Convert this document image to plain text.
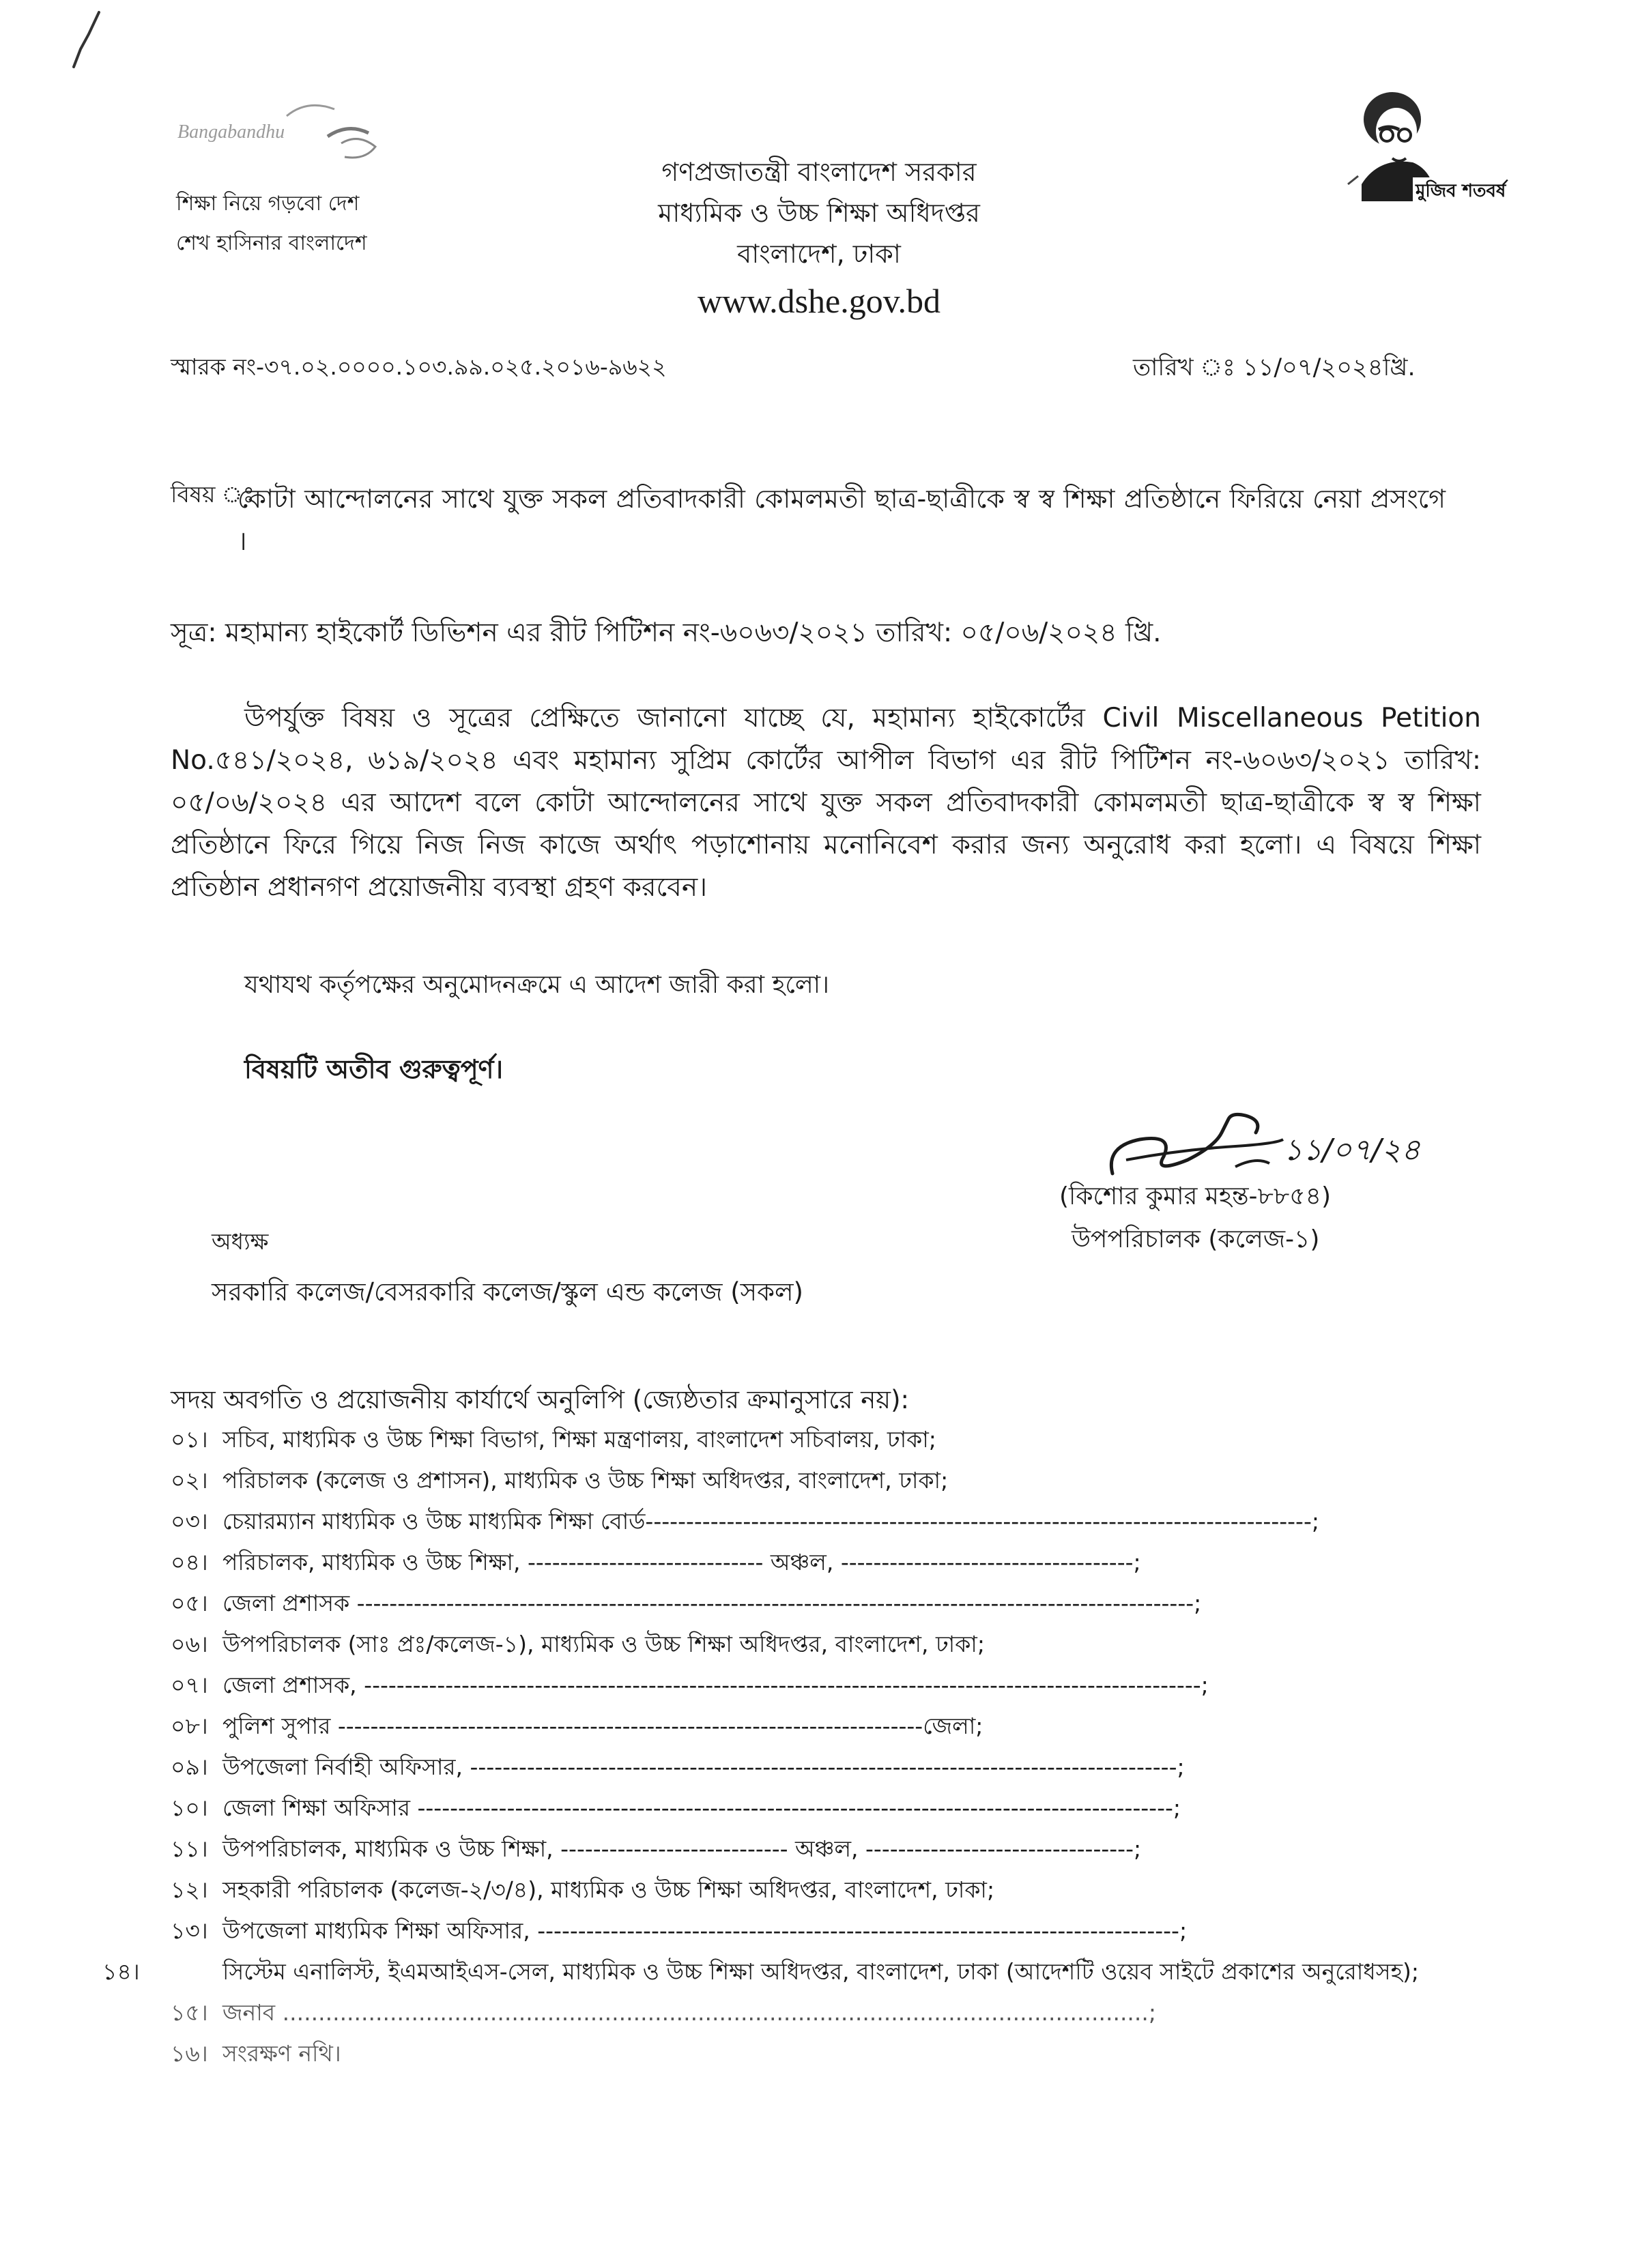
Bangabandhu
শিক্ষা নিয়ে গড়বো দেশ
শেখ হাসিনার বাংলাদেশ
গণপ্রজাতন্ত্রী বাংলাদেশ সরকার
মাধ্যমিক ও উচ্চ শিক্ষা অধিদপ্তর
বাংলাদেশ, ঢাকা
www.dshe.gov.bd
মুজিব শতবর্ষ
স্মারক নং-৩৭.০২.০০০০.১০৩.৯৯.০২৫.২০১৬-৯৬২২	তারিখ ঃ ১১/০৭/২০২৪খ্রি.
বিষয় ঃ
কোটা আন্দোলনের সাথে যুক্ত সকল প্রতিবাদকারী কোমলমতী ছাত্র-ছাত্রীকে স্ব স্ব শিক্ষা প্রতিষ্ঠানে ফিরিয়ে নেয়া প্রসংগে ।
সূত্র: মহামান্য হাইকোর্ট ডিভিশন এর রীট পিটিশন নং-৬০৬৩/২০২১ তারিখ: ০৫/০৬/২০২৪ খ্রি.
উপর্যুক্ত বিষয় ও সূত্রের প্রেক্ষিতে জানানো যাচ্ছে যে, মহামান্য হাইকোর্টের Civil Miscellaneous Petition No.৫৪১/২০২৪, ৬১৯/২০২৪ এবং মহামান্য সুপ্রিম কোর্টের আপীল বিভাগ এর রীট পিটিশন নং-৬০৬৩/২০২১ তারিখ: ০৫/০৬/২০২৪ এর আদেশ বলে কোটা আন্দোলনের সাথে যুক্ত সকল প্রতিবাদকারী কোমলমতী ছাত্র-ছাত্রীকে স্ব স্ব শিক্ষা প্রতিষ্ঠানে ফিরে গিয়ে নিজ নিজ কাজে অর্থাৎ পড়াশোনায় মনোনিবেশ করার জন্য অনুরোধ করা হলো। এ বিষয়ে শিক্ষা প্রতিষ্ঠান প্রধানগণ প্রয়োজনীয় ব্যবস্থা গ্রহণ করবেন।
যথাযথ কর্তৃপক্ষের অনুমোদনক্রমে এ আদেশ জারী করা হলো।
বিষয়টি অতীব গুরুত্বপূর্ণ।
১১/০৭/২৪
(কিশোর কুমার মহন্ত-৮৮৫৪)
উপপরিচালক (কলেজ-১)
অধ্যক্ষ
সরকারি কলেজ/বেসরকারি কলেজ/স্কুল এন্ড কলেজ (সকল)
সদয় অবগতি ও প্রয়োজনীয় কার্যার্থে অনুলিপি (জ্যেষ্ঠতার ক্রমানুসারে নয়):
০১। সচিব, মাধ্যমিক ও উচ্চ শিক্ষা বিভাগ, শিক্ষা মন্ত্রণালয়, বাংলাদেশ সচিবালয়, ঢাকা;
০২। পরিচালক (কলেজ ও প্রশাসন), মাধ্যমিক ও উচ্চ শিক্ষা অধিদপ্তর, বাংলাদেশ, ঢাকা;
০৩। চেয়ারম্যান মাধ্যমিক ও উচ্চ মাধ্যমিক শিক্ষা বোর্ড----------------------------------------------------------------------------------;
০৪। পরিচালক, মাধ্যমিক ও উচ্চ শিক্ষা, ----------------------------- অঞ্চল, ------------------------------------;
০৫। জেলা প্রশাসক -------------------------------------------------------------------------------------------------------;
০৬। উপপরিচালক (সাঃ প্রঃ/কলেজ-১), মাধ্যমিক ও উচ্চ শিক্ষা অধিদপ্তর, বাংলাদেশ, ঢাকা;
০৭। জেলা প্রশাসক, -------------------------------------------------------------------------------------------------------;
০৮। পুলিশ সুপার ------------------------------------------------------------------------জেলা;
০৯। উপজেলা নির্বাহী অফিসার, ---------------------------------------------------------------------------------------;
১০। জেলা শিক্ষা অফিসার ---------------------------------------------------------------------------------------------;
১১। উপপরিচালক, মাধ্যমিক ও উচ্চ শিক্ষা, ---------------------------- অঞ্চল, ---------------------------------;
১২। সহকারী পরিচালক (কলেজ-২/৩/৪), মাধ্যমিক ও উচ্চ শিক্ষা অধিদপ্তর, বাংলাদেশ, ঢাকা;
১৩। উপজেলা মাধ্যমিক শিক্ষা অফিসার, -------------------------------------------------------------------------------;
১৪।	সিস্টেম এনালিস্ট, ইএমআইএস-সেল, মাধ্যমিক ও উচ্চ শিক্ষা অধিদপ্তর, বাংলাদেশ, ঢাকা (আদেশটি ওয়েব সাইটে প্রকাশের অনুরোধসহ);
১৫। জনাব .........................................................................................................................;
১৬। সংরক্ষণ নথি।
